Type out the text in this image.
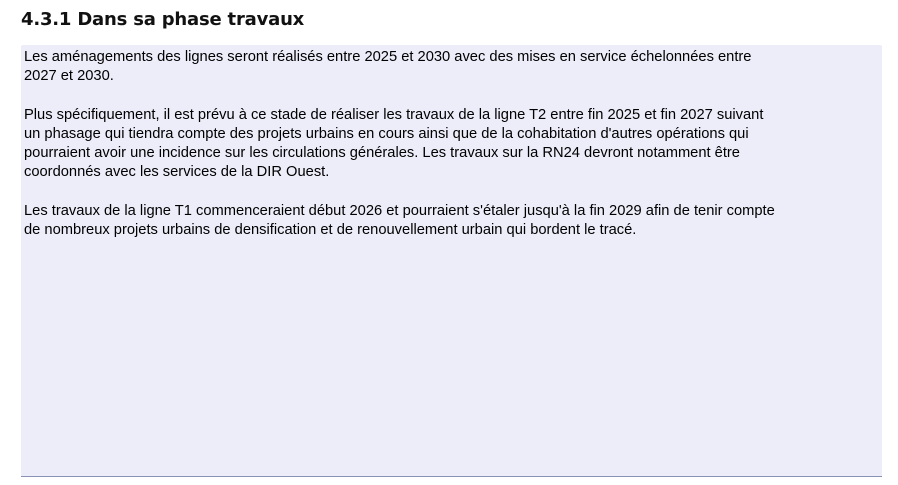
4.3.1 Dans sa phase travaux

Les aménagements des lignes seront réalisés entre 2025 et 2030 avec des mises en service échelonnées entre
2027 et 2030.

Plus spécifiquement, il est prévu à ce stade de réaliser les travaux de la ligne T2 entre fin 2025 et fin 2027 suivant
un phasage qui tiendra compte des projets urbains en cours ainsi que de la cohabitation d'autres opérations qui
pourraient avoir une incidence sur les circulations générales. Les travaux sur la RN24 devront notamment être
coordonnés avec les services de la DIR Ouest.

Les travaux de la ligne T1 commenceraient début 2026 et pourraient s'étaler jusqu'à la fin 2029 afin de tenir compte
de nombreux projets urbains de densification et de renouvellement urbain qui bordent le tracé.
